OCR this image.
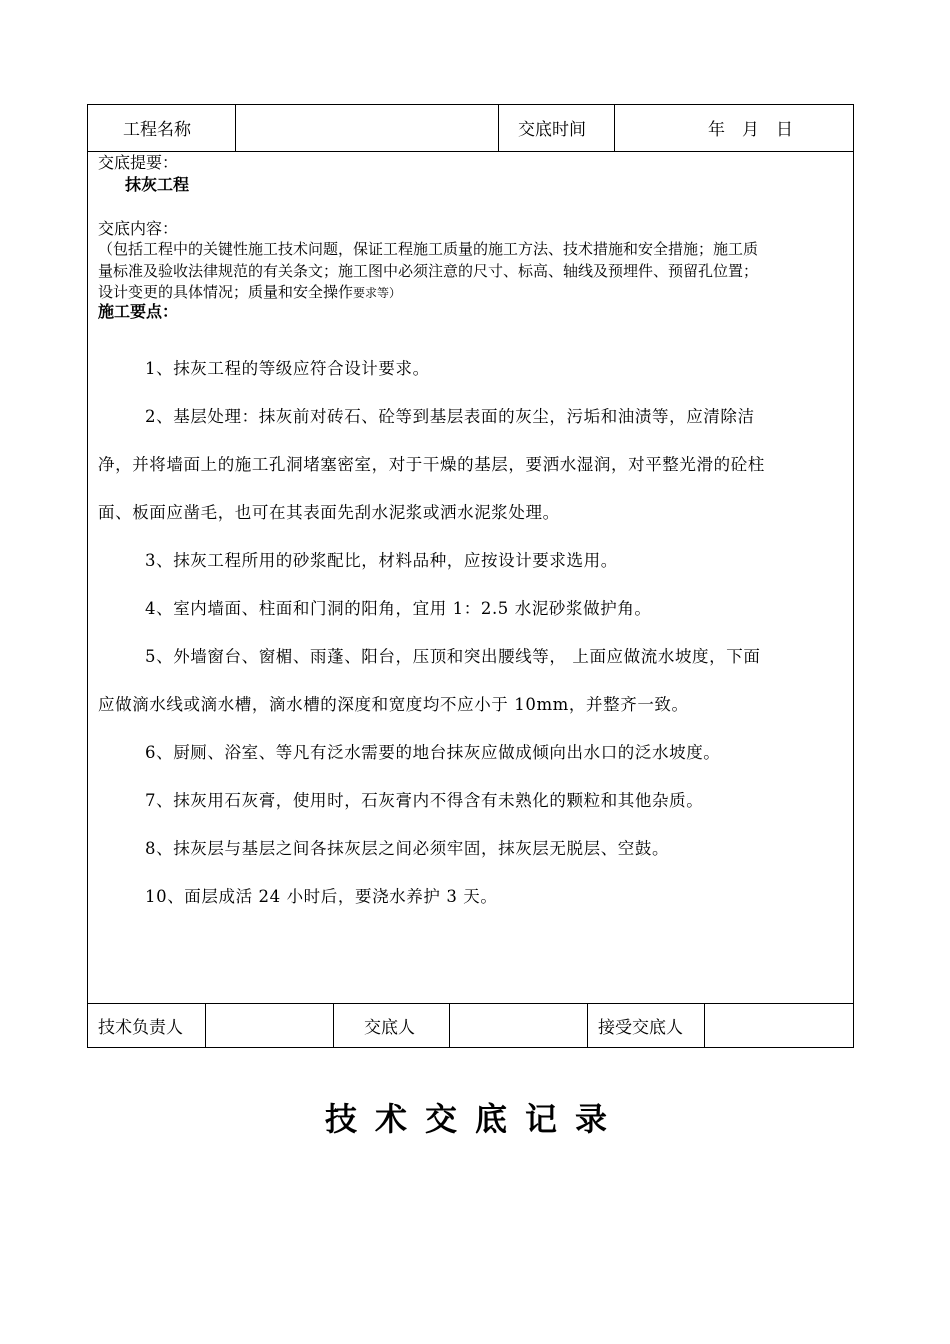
工程名称	交底时间	年　月　日
交底提要：
抹灰工程
交底内容：
（包括工程中的关键性施工技术问题，保证工程施工质量的施工方法、技术措施和安全措施；施工质
量标准及验收法律规范的有关条文；施工图中必须注意的尺寸、标高、轴线及预埋件、预留孔位置；
设计变更的具体情况；质量和安全操作要求等）
施工要点：
1、抹灰工程的等级应符合设计要求。
2、基层处理：抹灰前对砖石、砼等到基层表面的灰尘，污垢和油渍等，应清除洁
净，并将墙面上的施工孔洞堵塞密室，对于干燥的基层，要洒水湿润，对平整光滑的砼柱
面、板面应凿毛，也可在其表面先刮水泥浆或洒水泥浆处理。
3、抹灰工程所用的砂浆配比，材料品种，应按设计要求选用。
4、室内墙面、柱面和门洞的阳角，宜用 1：2.5 水泥砂浆做护角。
5、外墙窗台、窗楣、雨蓬、阳台，压顶和突出腰线等， 上面应做流水坡度，下面
应做滴水线或滴水槽，滴水槽的深度和宽度均不应小于 10mm，并整齐一致。
6、厨厕、浴室、等凡有泛水需要的地台抹灰应做成倾向出水口的泛水坡度。
7、抹灰用石灰膏，使用时，石灰膏内不得含有未熟化的颗粒和其他杂质。
8、抹灰层与基层之间各抹灰层之间必须牢固，抹灰层无脱层、空鼓。
10、面层成活 24 小时后，要浇水养护 3 天。
技术负责人	交底人	接受交底人
技术交底记录
